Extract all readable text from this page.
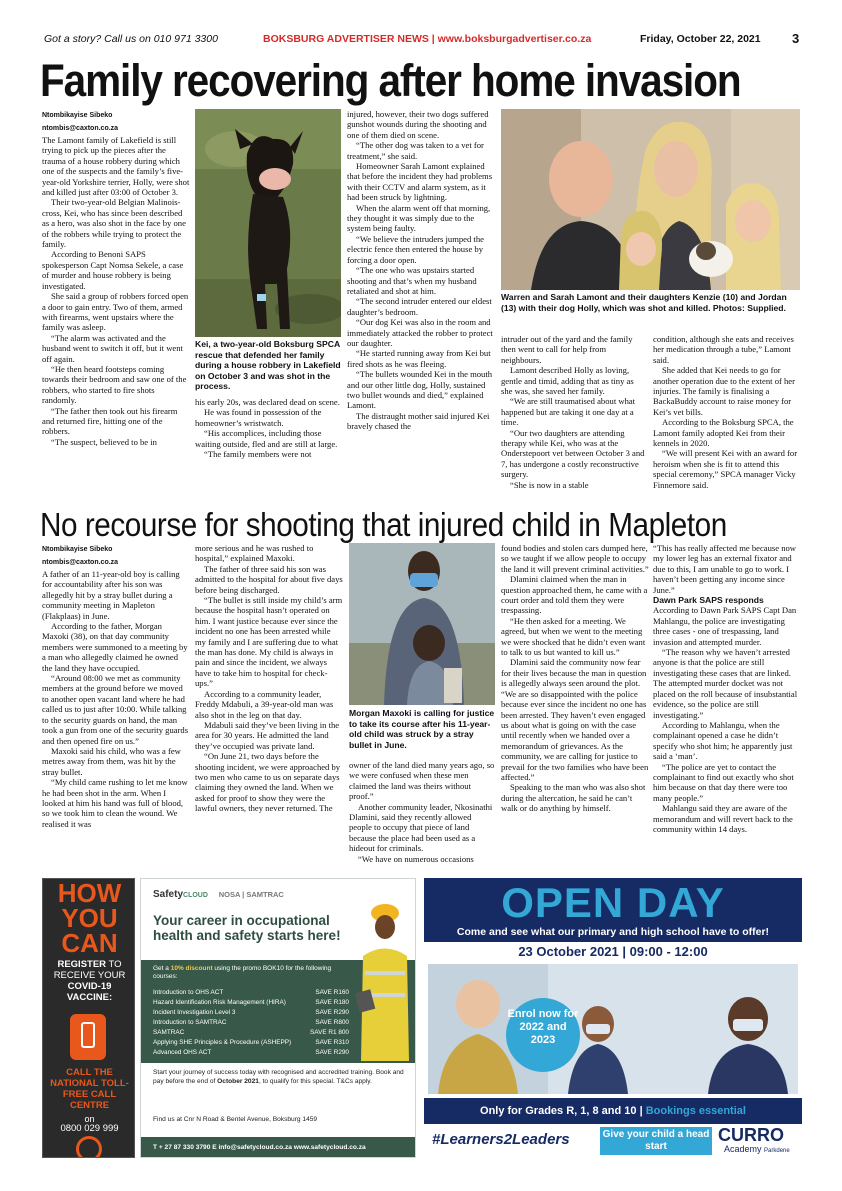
Got a story? Call us on 010 971 3300	BOKSBURG ADVERTISER NEWS | www.boksburgadvertiser.co.za	Friday, October 22, 2021 3
Family recovering after home invasion
Ntombikayise Sibeko
ntombis@caxton.co.za

The Lamont family of Lakefield is still trying to pick up the pieces after the trauma of a house robbery during which one of the suspects and the family’s five-year-old Yorkshire terrier, Holly, were shot and killed just after 03:00 of October 3.

Their two-year-old Belgian Malinois-cross, Kei, who has since been described as a hero, was also shot in the face by one of the robbers while trying to protect the family.

According to Benoni SAPS spokesperson Capt Nomsa Sekele, a case of murder and house robbery is being investigated.

She said a group of robbers forced open a door to gain entry. Two of them, armed with firearms, went upstairs where the family was asleep.

“The alarm was activated and the husband went to switch it off, but it went off again.

“He then heard footsteps coming towards their bedroom and saw one of the robbers, who started to fire shots randomly.

“The father then took out his firearm and returned fire, hitting one of the robbers.

“The suspect, believed to be in

Kei, a two-year-old Boksburg SPCA rescue that defended her family during a house robbery in Lakefield on October 3 and was shot in the process.

his early 20s, was declared dead on scene.

He was found in possession of the homeowner’s wristwatch.

“His accomplices, including those waiting outside, fled and are still at large.

“The family members were not

injured, however, their two dogs suffered gunshot wounds during the shooting and one of them died on scene.

“The other dog was taken to a vet for treatment,” she said.

Homeowner Sarah Lamont explained that before the incident they had problems with their CCTV and alarm system, as it had been struck by lightning.

When the alarm went off that morning, they thought it was simply due to the system being faulty.

“We believe the intruders jumped the electric fence then entered the house by forcing a door open.

“The one who was upstairs started shooting and that’s when my husband retaliated and shot at him.

“The second intruder entered our eldest daughter’s bedroom.

“Our dog Kei was also in the room and immediately attacked the robber to protect our daughter.

“He started running away from Kei but fired shots as he was fleeing.

“The bullets wounded Kei in the mouth and our other little dog, Holly, sustained two bullet wounds and died,” explained Lamont.

The distraught mother said injured Kei bravely chased the

Warren and Sarah Lamont and their daughters Kenzie (10) and Jordan (13) with their dog Holly, which was shot and killed. Photos: Supplied.

intruder out of the yard and the family then went to call for help from neighbours.

Lamont described Holly as loving, gentle and timid, adding that as tiny as she was, she saved her family.

“We are still traumatised about what happened but are taking it one day at a time.

“Our two daughters are attending therapy while Kei, who was at the Onderstepoort vet between October 3 and 7, has undergone a costly reconstructive surgery.

“She is now in a stable

condition, although she eats and receives her medication through a tube,” Lamont said.

She added that Kei needs to go for another operation due to the extent of her injuries. The family is finalising a BackaBuddy account to raise money for Kei’s vet bills.

According to the Boksburg SPCA, the Lamont family adopted Kei from their kennels in 2020.

“We will present Kei with an award for heroism when she is fit to attend this special ceremony,” SPCA manager Vicky Finnemore said.

No recourse for shooting that injured child in Mapleton
Ntombikayise Sibeko
ntombis@caxton.co.za

A father of an 11-year-old boy is calling for accountability after his son was allegedly hit by a stray bullet during a community meeting in Mapleton (Flakplaas) in June.

According to the father, Morgan Maxoki (38), on that day community members were summoned to a meeting by a man who allegedly claimed he owned the land they have occupied.

“Around 08:00 we met as community members at the ground before we moved to another open vacant land where he had called us to just after 10:00. While talking to the security guards on hand, the man took a gun from one of the security guards and then opened fire on us.”

Maxoki said his child, who was a few metres away from them, was hit by the stray bullet.

“My child came rushing to let me know he had been shot in the arm. When I looked at him his hand was full of blood, so we took him to clean the wound. We realised it was

more serious and he was rushed to hospital,” explained Maxoki.

The father of three said his son was admitted to the hospital for about five days before being discharged.

“The bullet is still inside my child’s arm because the hospital hasn’t operated on him. I want justice because ever since the incident no one has been arrested while my family and I are suffering due to what the man has done. My child is always in pain and since the incident, we always have to take him to hospital for check-ups.”

According to a community leader, Freddy Mdabuli, a 39-year-old man was also shot in the leg on that day.

Mdabuli said they’ve been living in the area for 30 years. He admitted the land they’ve occupied was private land.

“On June 21, two days before the shooting incident, we were approached by two men who came to us on separate days claiming they owned the land. When we asked for proof to show they were the lawful owners, they never returned. The

Morgan Maxoki is calling for justice to take its course after his 11-year-old child was struck by a stray bullet in June.

owner of the land died many years ago, so we were confused when these men claimed the land was theirs without proof.”

Another community leader, Nkosinathi Dlamini, said they recently allowed people to occupy that piece of land because the place had been used as a hideout for criminals.

“We have on numerous occasions

found bodies and stolen cars dumped here, so we taught if we allow people to occupy the land it will prevent criminal activities.”

Dlamini claimed when the man in question approached them, he came with a court order and told them they were trespassing.

“He then asked for a meeting. We agreed, but when we went to the meeting we were shocked that he didn’t even want to talk to us but wanted to kill us.”

Dlamini said the community now fear for their lives because the man in question is allegedly always seen around the plot. “We are so disappointed with the police because ever since the incident no one has been arrested. They haven’t even engaged us about what is going on with the case until recently when we handed over a memorandum of grievances. As the community, we are calling for justice to prevail for the two families who have been affected.”

Speaking to the man who was also shot during the altercation, he said he can’t walk or do anything by himself.

“This has really affected me because now my lower leg has an external fixator and due to this, I am unable to go to work. I haven’t been getting any income since June.”

Dawn Park SAPS responds

According to Dawn Park SAPS Capt Dan Mahlangu, the police are investigating three cases - one of trespassing, land invasion and attempted murder.

“The reason why we haven’t arrested anyone is that the police are still investigating these cases that are linked. The attempted murder docket was not placed on the roll because of insubstantial evidence, so the police are still investigating.”

According to Mahlangu, when the complainant opened a case he didn’t specify who shot him; he apparently just said a ‘man’.

“The police are yet to contact the complainant to find out exactly who shot him because on that day there were too many people.”

Mahlangu said they are aware of the memorandum and will revert back to the community within 14 days.

HOW
YOU
CAN
REGISTER TO
RECEIVE YOUR
COVID-19
VACCINE:
CALL THE NATIONAL TOLL-FREE CALL CENTRE
on
0800 029 999
SafetyCLOUD NOSA | SAMTRAC
Your career in occupational health and safety starts here!
Get a 10% discount using the promo BOK10 for the following courses:
Introduction to OHS ACT	SAVE R160
Hazard Identification Risk Management (HIRA)	SAVE R180
Incident Investigation Level 3	SAVE R290
Introduction to SAMTRAC	SAVE R800
SAMTRAC	SAVE R1 800
Applying SHE Principles & Procedure (ASHEPP)	SAVE R310
Advanced OHS ACT	SAVE R290
Start your journey of success today with recognised and accredited training. Book and pay before the end of October 2021, to qualify for this special. T&Cs apply.
Find us at Cnr N Road & Bentel Avenue, Boksburg 1459
T + 27 87 330 3790 E info@safetycloud.co.za www.safetycloud.co.za
OPEN DAY
Come and see what our primary and high school have to offer!
23 October 2021 | 09:00 - 12:00
Enrol now for 2022 and 2023
Only for Grades R, 1, 8 and 10 | Bookings essential
#Learners2Leaders	Give your child a head start
CURRO
Academy Parkdene
